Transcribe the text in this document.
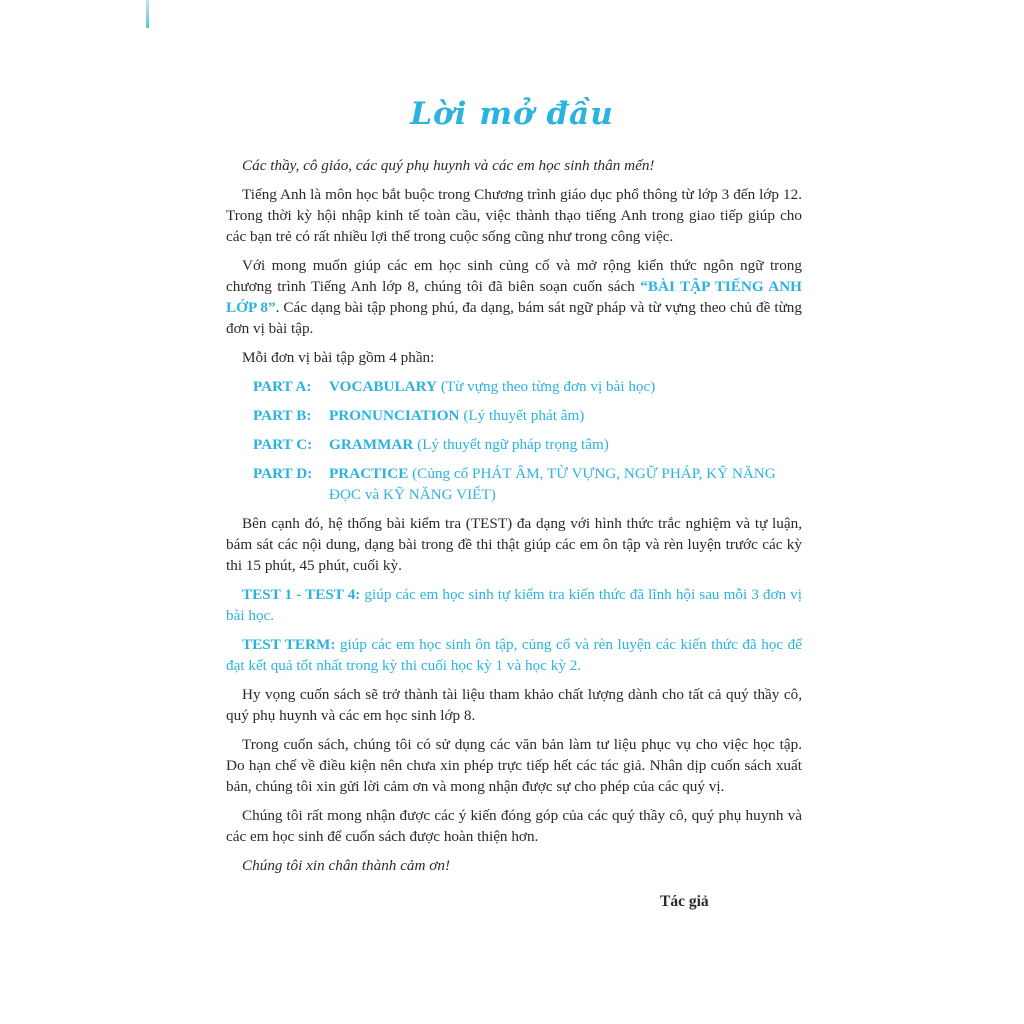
Lời mở đầu

Các thầy, cô giáo, các quý phụ huynh và các em học sinh thân mến!

Tiếng Anh là môn học bắt buộc trong Chương trình giáo dục phổ thông từ lớp 3 đến lớp 12. Trong thời kỳ hội nhập kinh tế toàn cầu, việc thành thạo tiếng Anh trong giao tiếp giúp cho các bạn trẻ có rất nhiều lợi thế trong cuộc sống cũng như trong công việc.

Với mong muốn giúp các em học sinh củng cố và mở rộng kiến thức ngôn ngữ trong chương trình Tiếng Anh lớp 8, chúng tôi đã biên soạn cuốn sách “BÀI TẬP TIẾNG ANH LỚP 8”. Các dạng bài tập phong phú, đa dạng, bám sát ngữ pháp và từ vựng theo chủ đề từng đơn vị bài tập.

Mỗi đơn vị bài tập gồm 4 phần:

PART A:	VOCABULARY (Từ vựng theo từng đơn vị bài học)
PART B:	PRONUNCIATION (Lý thuyết phát âm)
PART C:	GRAMMAR (Lý thuyết ngữ pháp trọng tâm)
PART D:	PRACTICE (Củng cố PHÁT ÂM, TỪ VỰNG, NGỮ PHÁP, KỸ NĂNG ĐỌC và KỸ NĂNG VIẾT)

Bên cạnh đó, hệ thống bài kiểm tra (TEST) đa dạng với hình thức trắc nghiệm và tự luận, bám sát các nội dung, dạng bài trong đề thi thật giúp các em ôn tập và rèn luyện trước các kỳ thi 15 phút, 45 phút, cuối kỳ.

TEST 1 - TEST 4: giúp các em học sinh tự kiểm tra kiến thức đã lĩnh hội sau mỗi 3 đơn vị bài học.

TEST TERM: giúp các em học sinh ôn tập, củng cố và rèn luyện các kiến thức đã học để đạt kết quả tốt nhất trong kỳ thi cuối học kỳ 1 và học kỳ 2.

Hy vọng cuốn sách sẽ trở thành tài liệu tham khảo chất lượng dành cho tất cả quý thầy cô, quý phụ huynh và các em học sinh lớp 8.

Trong cuốn sách, chúng tôi có sử dụng các văn bản làm tư liệu phục vụ cho việc học tập. Do hạn chế về điều kiện nên chưa xin phép trực tiếp hết các tác giả. Nhân dịp cuốn sách xuất bản, chúng tôi xin gửi lời cảm ơn và mong nhận được sự cho phép của các quý vị.

Chúng tôi rất mong nhận được các ý kiến đóng góp của các quý thầy cô, quý phụ huynh và các em học sinh để cuốn sách được hoàn thiện hơn.

Chúng tôi xin chân thành cảm ơn!

Tác giả
